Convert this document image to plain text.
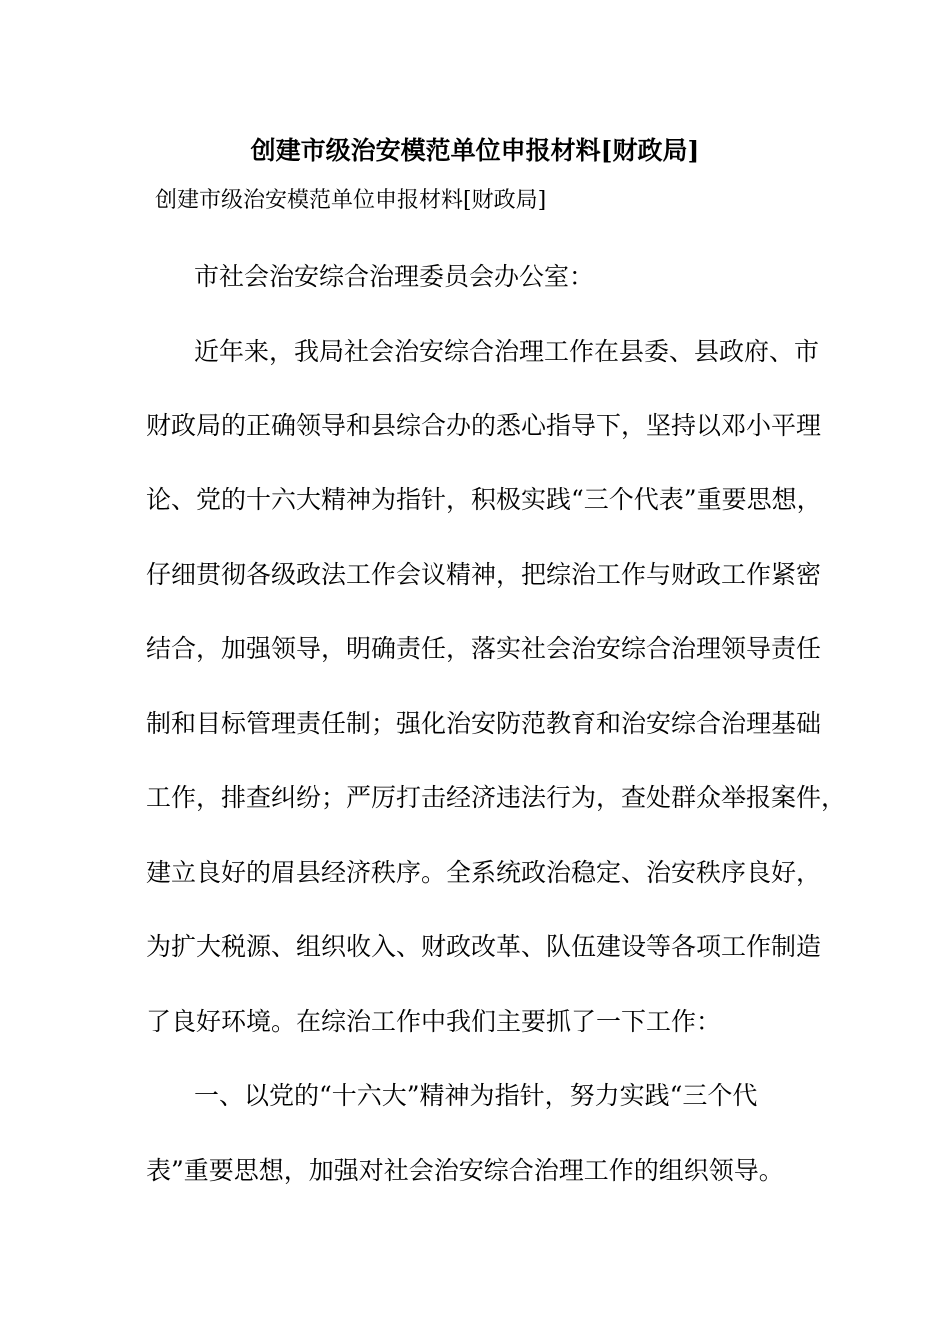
创建市级治安模范单位申报材料[财政局]
创建市级治安模范单位申报材料[财政局]
市社会治安综合治理委员会办公室：
近年来，我局社会治安综合治理工作在县委、县政府、市
财政局的正确领导和县综合办的悉心指导下，坚持以邓小平理
论、党的十六大精神为指针，积极实践“三个代表”重要思想，
仔细贯彻各级政法工作会议精神，把综治工作与财政工作紧密
结合，加强领导，明确责任，落实社会治安综合治理领导责任
制和目标管理责任制；强化治安防范教育和治安综合治理基础
工作，排查纠纷；严厉打击经济违法行为，查处群众举报案件，
建立良好的眉县经济秩序。全系统政治稳定、治安秩序良好，
为扩大税源、组织收入、财政改革、队伍建设等各项工作制造
了良好环境。在综治工作中我们主要抓了一下工作：
一、以党的“十六大”精神为指针，努力实践“三个代
表”重要思想，加强对社会治安综合治理工作的组织领导。
